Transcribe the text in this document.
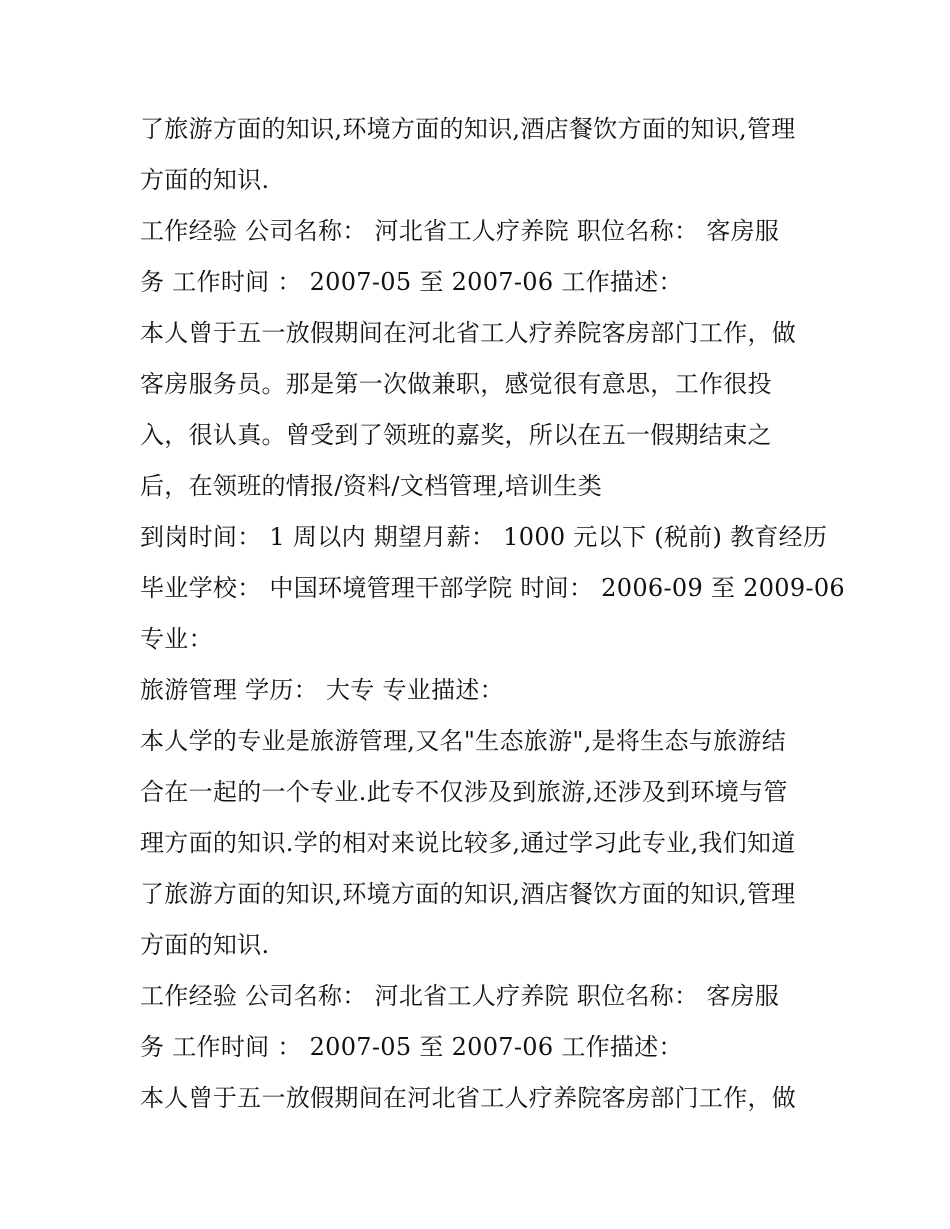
了旅游方面的知识,环境方面的知识,酒店餐饮方面的知识,管理
方面的知识.
工作经验 公司名称： 河北省工人疗养院 职位名称： 客房服
务 工作时间 ： 2007-05 至 2007-06 工作描述：
本人曾于五一放假期间在河北省工人疗养院客房部门工作，做
客房服务员。那是第一次做兼职，感觉很有意思，工作很投
入，很认真。曾受到了领班的嘉奖，所以在五一假期结束之
后，在领班的情报/资料/文档管理,培训生类
到岗时间： 1 周以内 期望月薪： 1000 元以下 (税前) 教育经历
毕业学校： 中国环境管理干部学院 时间： 2006-09 至 2009-06
专业：
旅游管理 学历： 大专 专业描述：
本人学的专业是旅游管理,又名"生态旅游",是将生态与旅游结
合在一起的一个专业.此专不仅涉及到旅游,还涉及到环境与管
理方面的知识.学的相对来说比较多,通过学习此专业,我们知道
了旅游方面的知识,环境方面的知识,酒店餐饮方面的知识,管理
方面的知识.
工作经验 公司名称： 河北省工人疗养院 职位名称： 客房服
务 工作时间 ： 2007-05 至 2007-06 工作描述：
本人曾于五一放假期间在河北省工人疗养院客房部门工作，做
